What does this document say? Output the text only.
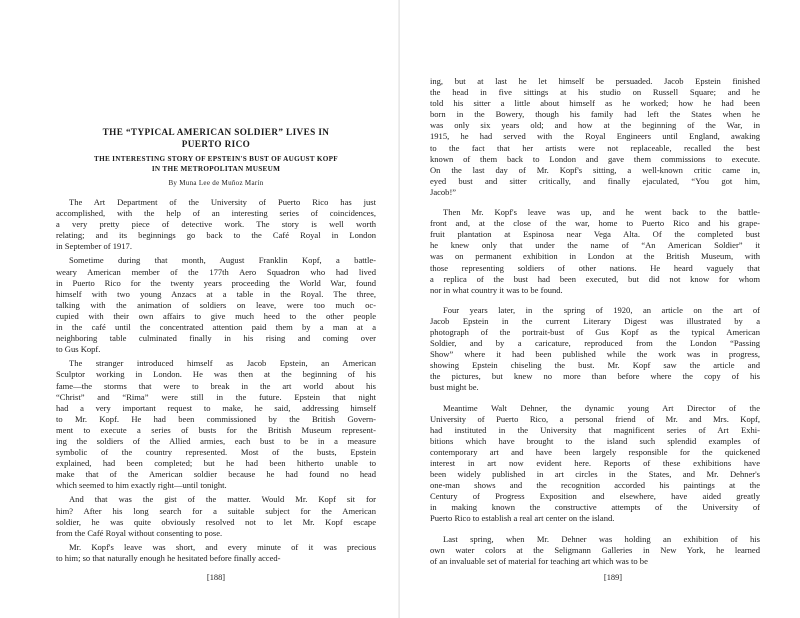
THE “TYPICAL AMERICAN SOLDIER” LIVES IN
PUERTO RICO
THE INTERESTING STORY OF EPSTEIN'S BUST OF AUGUST KOPF
IN THE METROPOLITAN MUSEUM
By Muna Lee de Muñoz Marín
The Art Department of the University of Puerto Rico has just
accomplished, with the help of an interesting series of coincidences,
a very pretty piece of detective work. The story is well worth
relating; and its beginnings go back to the Café Royal in London
in September of 1917.
Sometime during that month, August Franklin Kopf, a battle-
weary American member of the 177th Aero Squadron who had lived
in Puerto Rico for the twenty years proceeding the World War, found
himself with two young Anzacs at a table in the Royal. The three,
talking with the animation of soldiers on leave, were too much oc-
cupied with their own affairs to give much heed to the other people
in the café until the concentrated attention paid them by a man at a
neighboring table culminated finally in his rising and coming over
to Gus Kopf.
The stranger introduced himself as Jacob Epstein, an American
Sculptor working in London. He was then at the beginning of his
fame—the storms that were to break in the art world about his
“Christ” and “Rima” were still in the future. Epstein that night
had a very important request to make, he said, addressing himself
to Mr. Kopf. He had been commissioned by the British Govern-
ment to execute a series of busts for the British Museum represent-
ing the soldiers of the Allied armies, each bust to be in a measure
symbolic of the country represented. Most of the busts, Epstein
explained, had been completed; but he had been hitherto unable to
make that of the American soldier because he had found no head
which seemed to him exactly right—until tonight.
And that was the gist of the matter. Would Mr. Kopf sit for
him? After his long search for a suitable subject for the American
soldier, he was quite obviously resolved not to let Mr. Kopf escape
from the Café Royal without consenting to pose.
Mr. Kopf's leave was short, and every minute of it was precious
to him; so that naturally enough he hesitated before finally acced-
[188]
ing, but at last he let himself be persuaded. Jacob Epstein finished
the head in five sittings at his studio on Russell Square; and he
told his sitter a little about himself as he worked; how he had been
born in the Bowery, though his family had left the States when he
was only six years old; and how at the beginning of the War, in
1915, he had served with the Royal Engineers until England, awaking
to the fact that her artists were not replaceable, recalled the best
known of them back to London and gave them commissions to execute.
On the last day of Mr. Kopf's sitting, a well-known critic came in,
eyed bust and sitter critically, and finally ejaculated, “You got him,
Jacob!”
Then Mr. Kopf's leave was up, and he went back to the battle-
front and, at the close of the war, home to Puerto Rico and his grape-
fruit plantation at Espinosa near Vega Alta. Of the completed bust
he knew only that under the name of “An American Soldier” it
was on permanent exhibition in London at the British Museum, with
those representing soldiers of other nations. He heard vaguely that
a replica of the bust had been executed, but did not know for whom
nor in what country it was to be found.
Four years later, in the spring of 1920, an article on the art of
Jacob Epstein in the current Literary Digest was illustrated by a
photograph of the portrait-bust of Gus Kopf as the typical American
Soldier, and by a caricature, reproduced from the London “Passing
Show” where it had been published while the work was in progress,
showing Epstein chiseling the bust. Mr. Kopf saw the article and
the pictures, but knew no more than before where the copy of his
bust might be.
Meantime Walt Dehner, the dynamic young Art Director of the
University of Puerto Rico, a personal friend of Mr. and Mrs. Kopf,
had instituted in the University that magnificent series of Art Exhi-
bitions which have brought to the island such splendid examples of
contemporary art and have been largely responsible for the quickened
interest in art now evident here. Reports of these exhibitions have
been widely published in art circles in the States, and Mr. Dehner's
one-man shows and the recognition accorded his paintings at the
Century of Progress Exposition and elsewhere, have aided greatly
in making known the constructive attempts of the University of
Puerto Rico to establish a real art center on the island.
Last spring, when Mr. Dehner was holding an exhibition of his
own water colors at the Seligmann Galleries in New York, he learned
of an invaluable set of material for teaching art which was to be
[189]
